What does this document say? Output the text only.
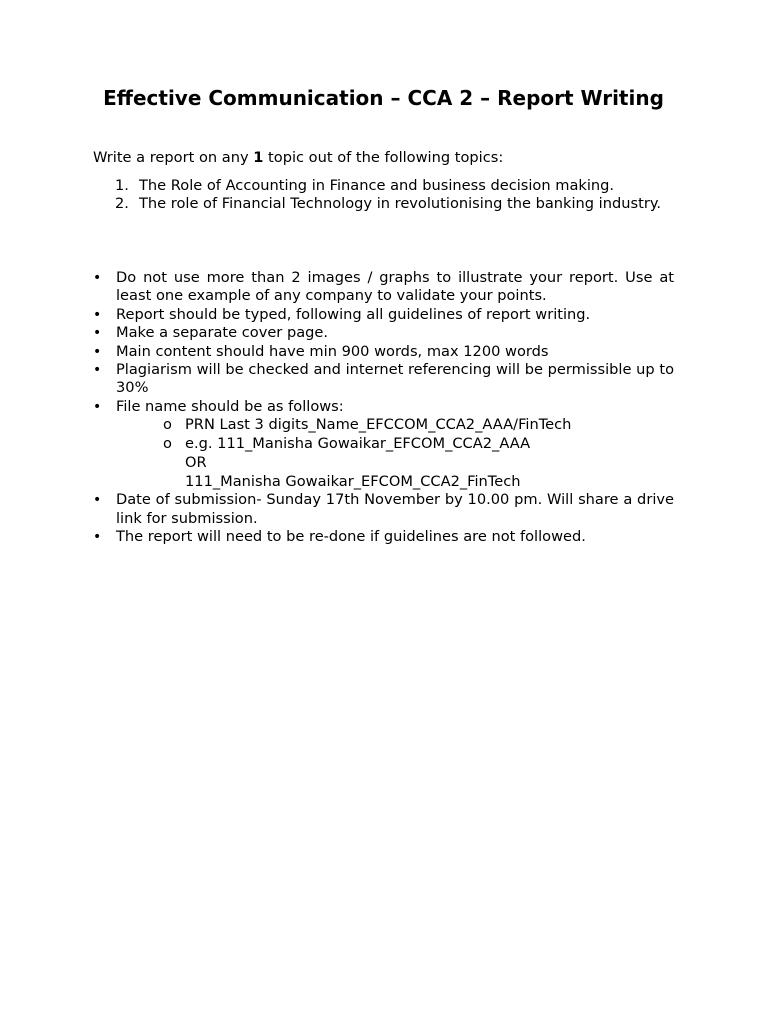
Effective Communication – CCA 2 – Report Writing
Write a report on any 1 topic out of the following topics:
1. The Role of Accounting in Finance and business decision making.
2. The role of Financial Technology in revolutionising the banking industry.
• Do not use more than 2 images / graphs to illustrate your report. Use at least one example of any company to validate your points.
• Report should be typed, following all guidelines of report writing.
• Make a separate cover page.
• Main content should have min 900 words, max 1200 words
• Plagiarism will be checked and internet referencing will be permissible up to 30%
• File name should be as follows:
o PRN Last 3 digits_Name_EFCCOM_CCA2_AAA/FinTech
o e.g. 111_Manisha Gowaikar_EFCOM_CCA2_AAA
OR
111_Manisha Gowaikar_EFCOM_CCA2_FinTech
• Date of submission- Sunday 17th November by 10.00 pm. Will share a drive link for submission.
• The report will need to be re-done if guidelines are not followed.
